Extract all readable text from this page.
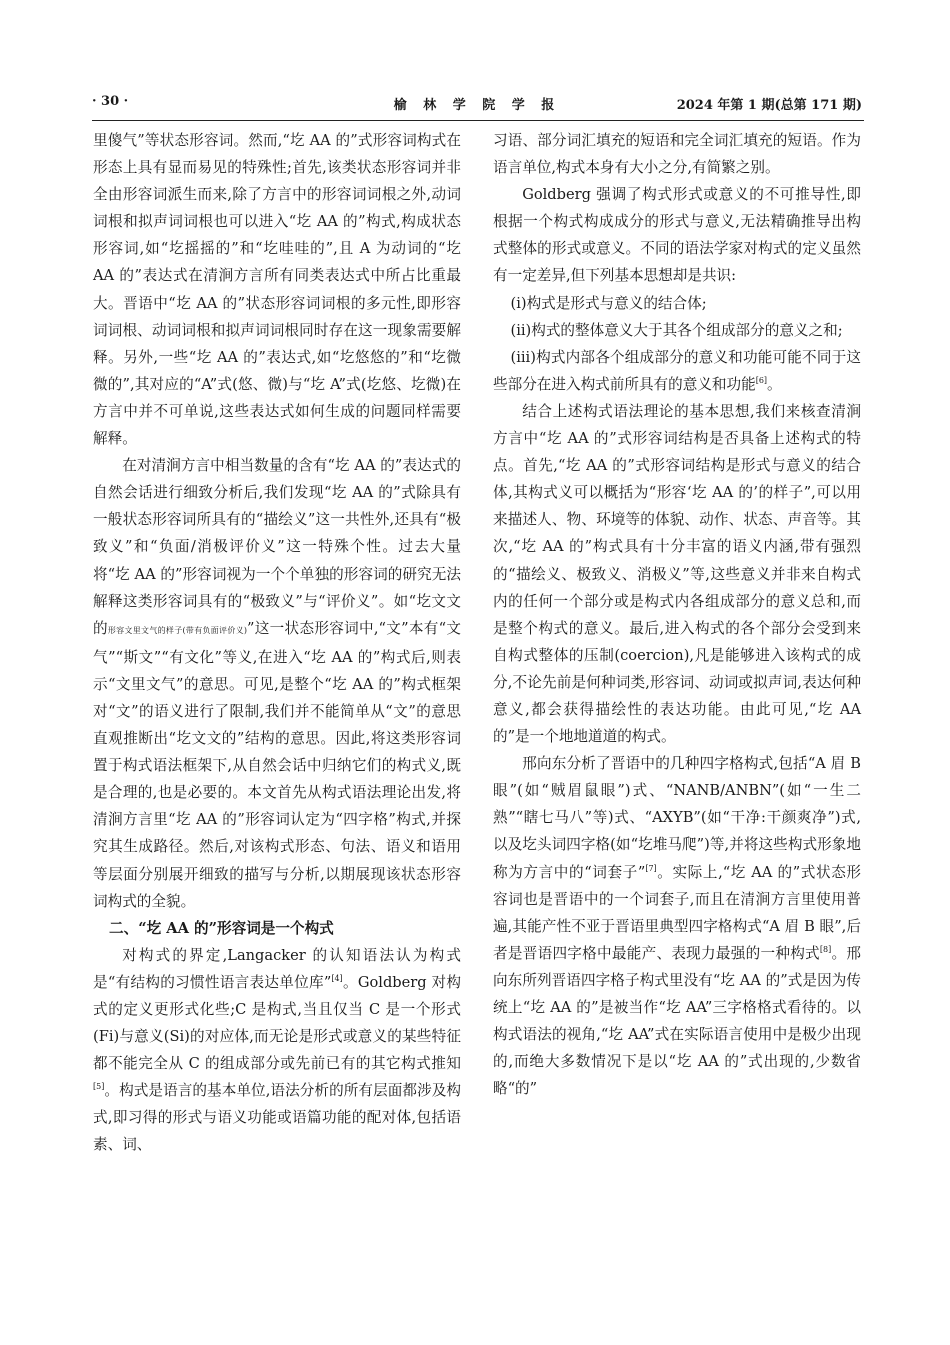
· 30 ·	榆 林 学 院 学 报	2024 年第 1 期(总第 171 期)

里傻气”等状态形容词。然而,“圪 AA 的”式形容词构式在形态上具有显而易见的特殊性;首先,该类状态形容词并非全由形容词派生而来,除了方言中的形容词词根之外,动词词根和拟声词词根也可以进入“圪 AA 的”构式,构成状态形容词,如“圪摇摇的”和“圪哇哇的”,且 A 为动词的“圪 AA 的”表达式在清涧方言所有同类表达式中所占比重最大。晋语中“圪 AA 的”状态形容词词根的多元性,即形容词词根、动词词根和拟声词词根同时存在这一现象需要解释。另外,一些“圪 AA 的”表达式,如“圪悠悠的”和“圪微微的”,其对应的“A”式(悠、微)与“圪 A”式(圪悠、圪微)在方言中并不可单说,这些表达式如何生成的问题同样需要解释。

在对清涧方言中相当数量的含有“圪 AA 的”表达式的自然会话进行细致分析后,我们发现“圪 AA 的”式除具有一般状态形容词所具有的“描绘义”这一共性外,还具有“极致义”和“负面/消极评价义”这一特殊个性。过去大量将“圪 AA 的”形容词视为一个个单独的形容词的研究无法解释这类形容词具有的“极致义”与“评价义”。如“圪文文的形容文里文气的样子(带有负面评价义)”这一状态形容词中,“文”本有“文气”“斯文”“有文化”等义,在进入“圪 AA 的”构式后,则表示“文里文气”的意思。可见,是整个“圪 AA 的”构式框架对“文”的语义进行了限制,我们并不能简单从“文”的意思直观推断出“圪文文的”结构的意思。因此,将这类形容词置于构式语法框架下,从自然会话中归纳它们的构式义,既是合理的,也是必要的。本文首先从构式语法理论出发,将清涧方言里“圪 AA 的”形容词认定为“四字格”构式,并探究其生成路径。然后,对该构式形态、句法、语义和语用等层面分别展开细致的描写与分析,以期展现该状态形容词构式的全貌。

二、“圪 AA 的”形容词是一个构式

对构式的界定,Langacker 的认知语法认为构式是“有结构的习惯性语言表达单位库”[4]。Goldberg 对构式的定义更形式化些;C 是构式,当且仅当 C 是一个形式(Fi)与意义(Si)的对应体,而无论是形式或意义的某些特征都不能完全从 C 的组成部分或先前已有的其它构式推知[5]。构式是语言的基本单位,语法分析的所有层面都涉及构式,即习得的形式与语义功能或语篇功能的配对体,包括语素、词、

习语、部分词汇填充的短语和完全词汇填充的短语。作为语言单位,构式本身有大小之分,有简繁之别。

Goldberg 强调了构式形式或意义的不可推导性,即根据一个构式构成成分的形式与意义,无法精确推导出构式整体的形式或意义。不同的语法学家对构式的定义虽然有一定差异,但下列基本思想却是共识:

(i)构式是形式与意义的结合体;

(ii)构式的整体意义大于其各个组成部分的意义之和;

(iii)构式内部各个组成部分的意义和功能可能不同于这些部分在进入构式前所具有的意义和功能[6]。

结合上述构式语法理论的基本思想,我们来核查清涧方言中“圪 AA 的”式形容词结构是否具备上述构式的特点。首先,“圪 AA 的”式形容词结构是形式与意义的结合体,其构式义可以概括为“形容‘圪 AA 的’的样子”,可以用来描述人、物、环境等的体貌、动作、状态、声音等。其次,“圪 AA 的”构式具有十分丰富的语义内涵,带有强烈的“描绘义、极致义、消极义”等,这些意义并非来自构式内的任何一个部分或是构式内各组成部分的意义总和,而是整个构式的意义。最后,进入构式的各个部分会受到来自构式整体的压制(coercion),凡是能够进入该构式的成分,不论先前是何种词类,形容词、动词或拟声词,表达何种意义,都会获得描绘性的表达功能。由此可见,“圪 AA 的”是一个地地道道的构式。

邢向东分析了晋语中的几种四字格构式,包括“A 眉 B 眼”(如“贼眉鼠眼”)式、“NANB/ANBN”(如“一生二熟”“瞎七马八”等)式、“AXYB”(如“干净:干颜爽净”)式,以及圪头词四字格(如“圪堆马爬”)等,并将这些构式形象地称为方言中的“词套子”[7]。实际上,“圪 AA 的”式状态形容词也是晋语中的一个词套子,而且在清涧方言里使用普遍,其能产性不亚于晋语里典型四字格构式“A 眉 B 眼”,后者是晋语四字格中最能产、表现力最强的一种构式[8]。邢向东所列晋语四字格子构式里没有“圪 AA 的”式是因为传统上“圪 AA 的”是被当作“圪 AA”三字格格式看待的。以构式语法的视角,“圪 AA”式在实际语言使用中是极少出现的,而绝大多数情况下是以“圪 AA 的”式出现的,少数省略“的”
